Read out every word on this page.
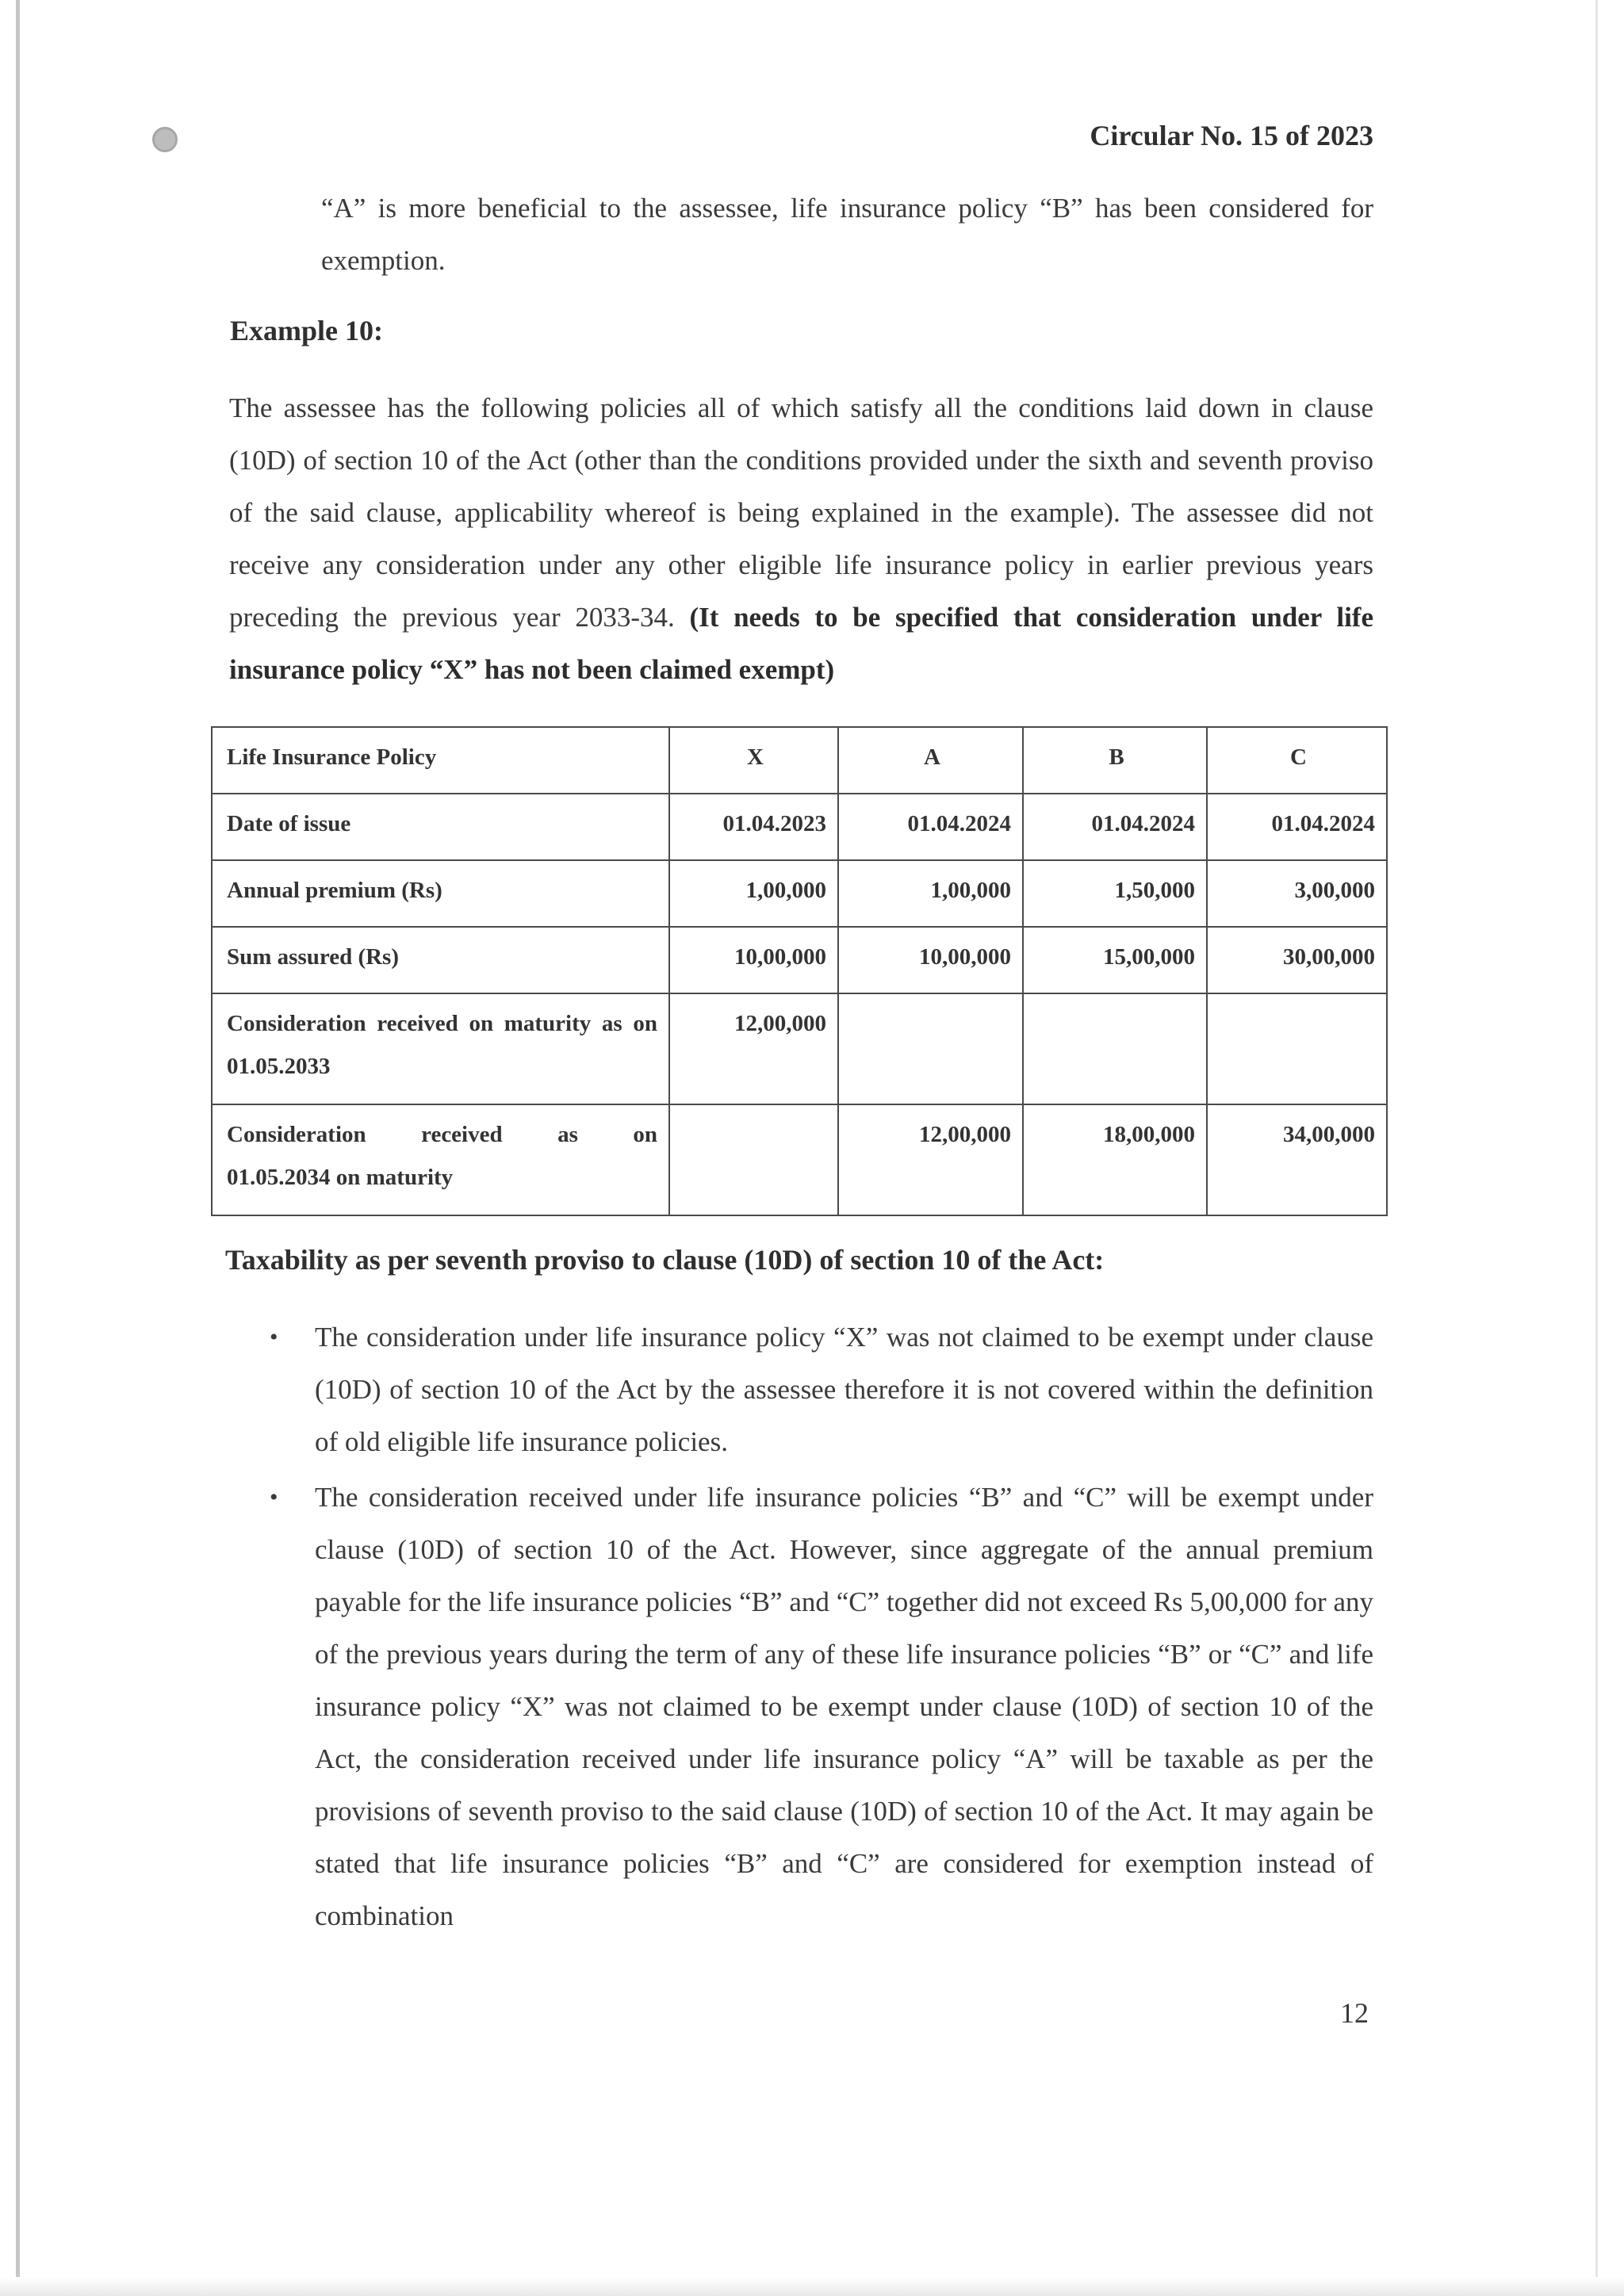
Circular No. 15 of 2023
“A” is more beneficial to the assessee, life insurance policy “B” has been considered for exemption.
Example 10:
The assessee has the following policies all of which satisfy all the conditions laid down in clause (10D) of section 10 of the Act (other than the conditions provided under the sixth and seventh proviso of the said clause, applicability whereof is being explained in the example). The assessee did not receive any consideration under any other eligible life insurance policy in earlier previous years preceding the previous year 2033-34. (It needs to be specified that consideration under life insurance policy “X” has not been claimed exempt)
Life Insurance Policy	X	A	B	C
Date of issue	01.04.2023	01.04.2024	01.04.2024	01.04.2024
Annual premium (Rs)	1,00,000	1,00,000	1,50,000	3,00,000
Sum assured (Rs)	10,00,000	10,00,000	15,00,000	30,00,000
Consideration received on maturity as on 01.05.2033	12,00,000			

Consideration received as on
01.05.2034 on maturity		12,00,000	18,00,000	34,00,000
Taxability as per seventh proviso to clause (10D) of section 10 of the Act:
• The consideration under life insurance policy “X” was not claimed to be exempt under clause (10D) of section 10 of the Act by the assessee therefore it is not covered within the definition of old eligible life insurance policies.
• The consideration received under life insurance policies “B” and “C” will be exempt under clause (10D) of section 10 of the Act. However, since aggregate of the annual premium payable for the life insurance policies “B” and “C” together did not exceed Rs 5,00,000 for any of the previous years during the term of any of these life insurance policies “B” or “C” and life insurance policy “X” was not claimed to be exempt under clause (10D) of section 10 of the Act, the consideration received under life insurance policy “A” will be taxable as per the provisions of seventh proviso to the said clause (10D) of section 10 of the Act. It may again be stated that life insurance policies “B” and “C” are considered for exemption instead of combination
12
